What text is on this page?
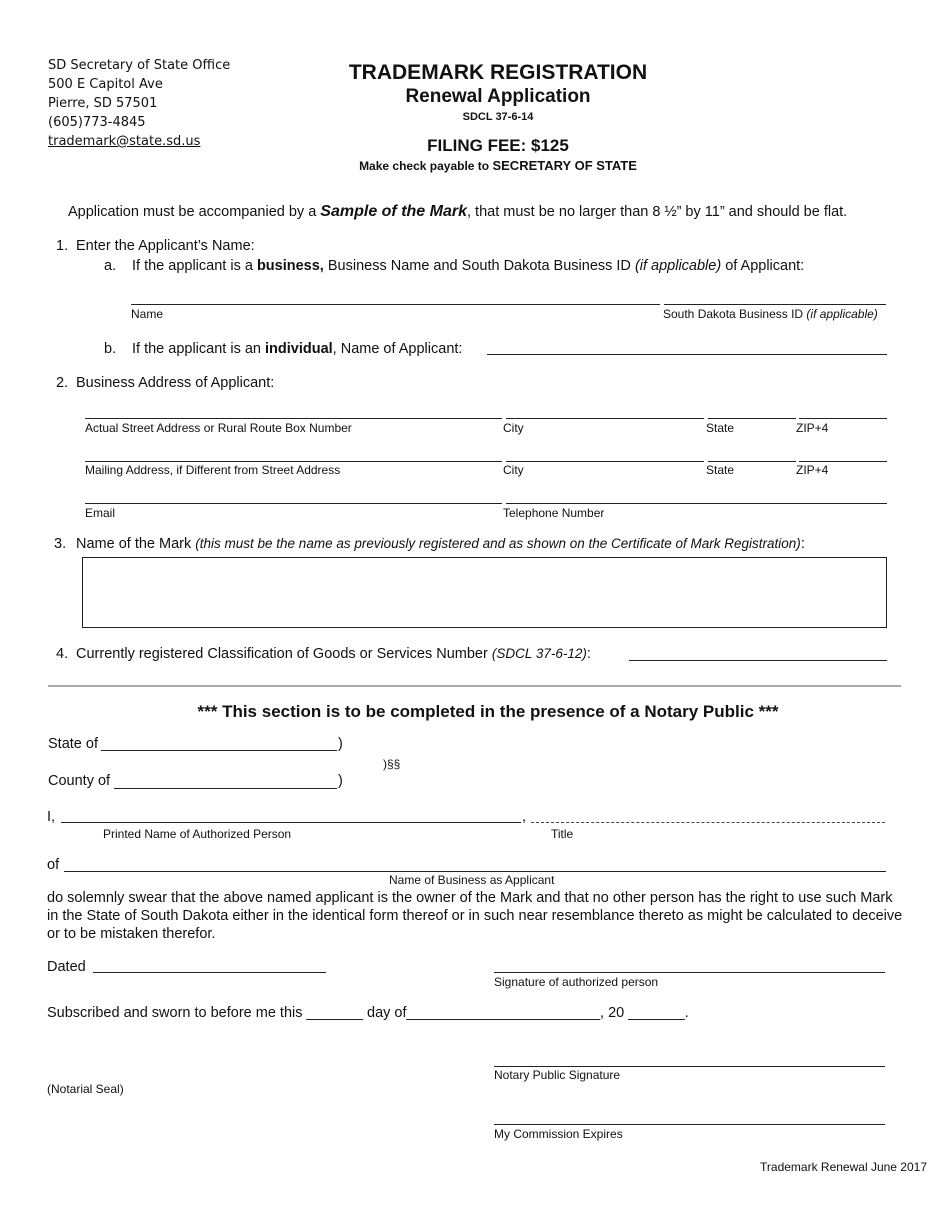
SD Secretary of State Office
500 E Capitol Ave
Pierre, SD 57501
(605)773-4845
trademark@state.sd.us
TRADEMARK REGISTRATION
Renewal Application
SDCL 37-6-14
FILING FEE: $125
Make check payable to SECRETARY OF STATE
Application must be accompanied by a Sample of the Mark, that must be no larger than 8 ½” by 11” and should be flat.
1. Enter the Applicant’s Name:
a. If the applicant is a business, Business Name and South Dakota Business ID (if applicable) of Applicant:
Name	South Dakota Business ID (if applicable)
b. If the applicant is an individual, Name of Applicant:
2. Business Address of Applicant:
Actual Street Address or Rural Route Box Number	City	State	ZIP+4
Mailing Address, if Different from Street Address	City	State	ZIP+4
Email	Telephone Number
3. Name of the Mark (this must be the name as previously registered and as shown on the Certificate of Mark Registration):
4. Currently registered Classification of Goods or Services Number (SDCL 37-6-12):
*** This section is to be completed in the presence of a Notary Public ***
State of	)
)§§
County of	)
I,	,
Printed Name of Authorized Person	Title
of
Name of Business as Applicant
do solemnly swear that the above named applicant is the owner of the Mark and that no other person has the right to use such Mark in the State of South Dakota either in the identical form thereof or in such near resemblance thereto as might be calculated to deceive or to be mistaken therefor.
Dated
Signature of authorized person
Subscribed and sworn to before me this _______ day of________________________, 20 _______.
Notary Public Signature
(Notarial Seal)
My Commission Expires
Trademark Renewal June 2017
